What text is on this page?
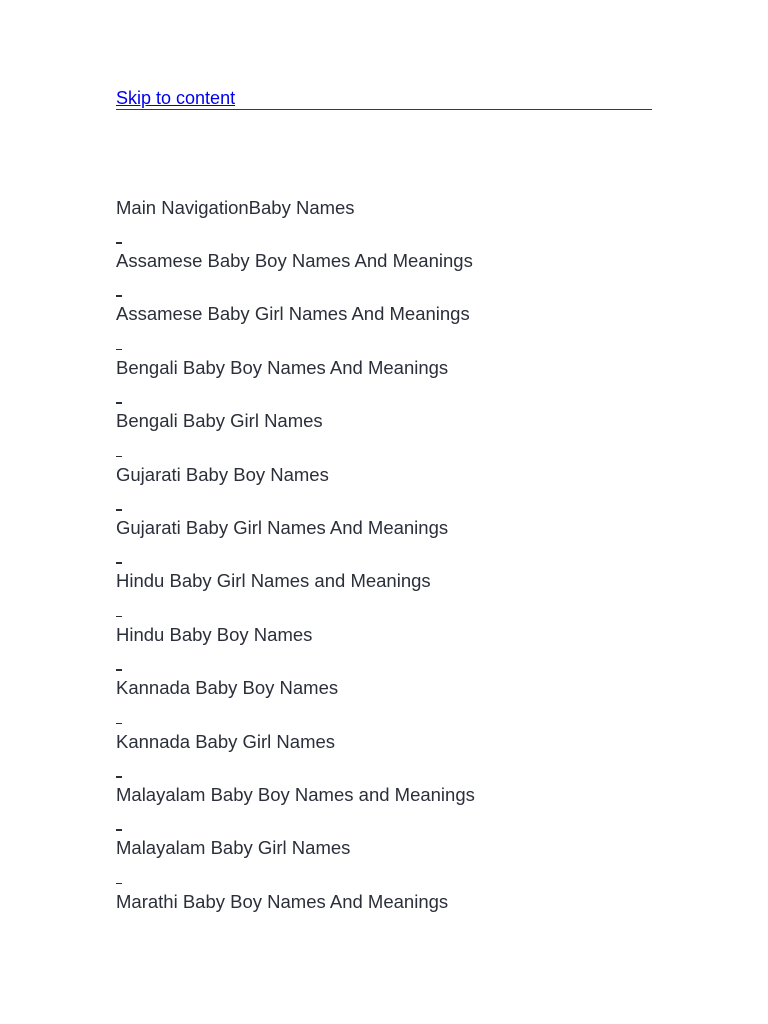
Skip to content
Main NavigationBaby Names
Assamese Baby Boy Names And Meanings
Assamese Baby Girl Names And Meanings
Bengali Baby Boy Names And Meanings
Bengali Baby Girl Names
Gujarati Baby Boy Names
Gujarati Baby Girl Names And Meanings
Hindu Baby Girl Names and Meanings
Hindu Baby Boy Names
Kannada Baby Boy Names
Kannada Baby Girl Names
Malayalam Baby Boy Names and Meanings
Malayalam Baby Girl Names
Marathi Baby Boy Names And Meanings
